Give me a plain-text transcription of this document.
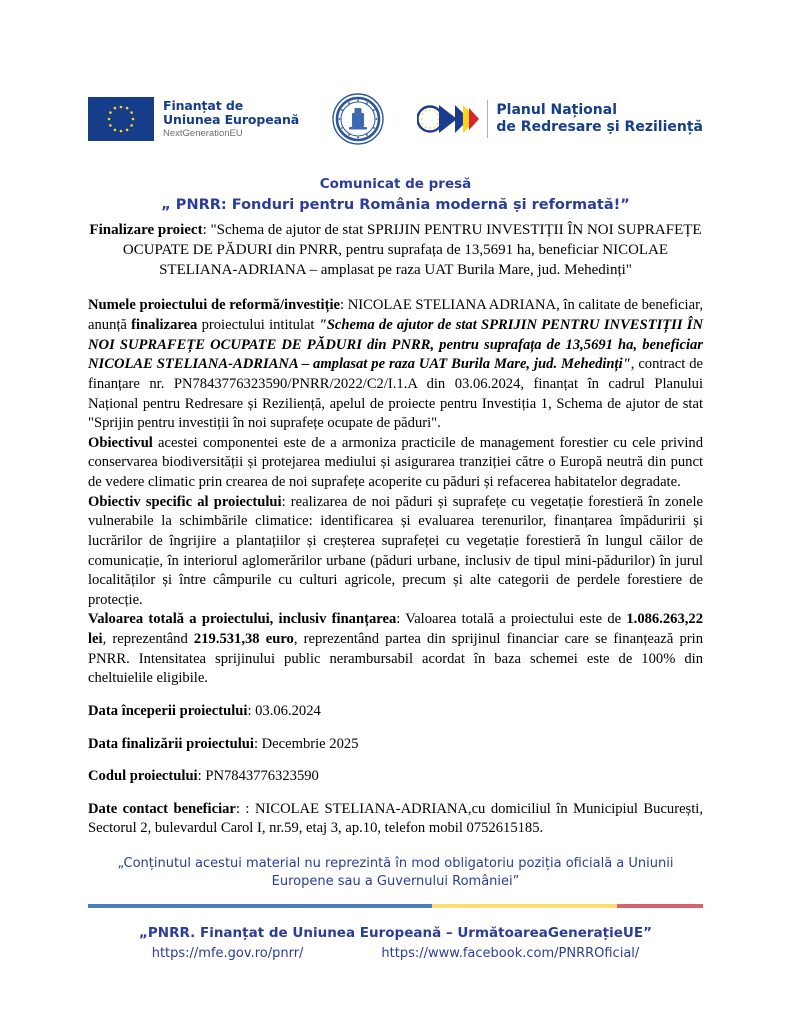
Finanțat de
Uniunea Europeană
NextGenerationEU
Planul Național
de Redresare și Reziliență
Comunicat de presă
„ PNRR: Fonduri pentru România modernă și reformată!”
Finalizare proiect: "Schema de ajutor de stat SPRIJIN PENTRU INVESTIȚII ÎN NOI SUPRAFEȚE OCUPATE DE PĂDURI din PNRR, pentru suprafața de 13,5691 ha, beneficiar NICOLAE STELIANA-ADRIANA – amplasat pe raza UAT Burila Mare, jud. Mehedinți"

Numele proiectului de reformă/investiție: NICOLAE STELIANA ADRIANA, în calitate de beneficiar, anunță finalizarea proiectului intitulat "Schema de ajutor de stat SPRIJIN PENTRU INVESTIȚII ÎN NOI SUPRAFEȚE OCUPATE DE PĂDURI din PNRR, pentru suprafața de 13,5691 ha, beneficiar NICOLAE STELIANA-ADRIANA – amplasat pe raza UAT Burila Mare, jud. Mehedinți", contract de finanțare nr. PN7843776323590/PNRR/2022/C2/I.1.A din 03.06.2024, finanțat în cadrul Planului Național pentru Redresare și Reziliență, apelul de proiecte pentru Investiția 1, Schema de ajutor de stat "Sprijin pentru investiții în noi suprafețe ocupate de păduri".

Obiectivul acestei componentei este de a armoniza practicile de management forestier cu cele privind conservarea biodiversității și protejarea mediului și asigurarea tranziției către o Europă neutră din punct de vedere climatic prin crearea de noi suprafețe acoperite cu păduri și refacerea habitatelor degradate.

Obiectiv specific al proiectului: realizarea de noi păduri și suprafețe cu vegetație forestieră în zonele vulnerabile la schimbările climatice: identificarea și evaluarea terenurilor, finanțarea împăduririi și lucrărilor de îngrijire a plantațiilor și creșterea suprafeței cu vegetație forestieră în lungul căilor de comunicație, în interiorul aglomerărilor urbane (păduri urbane, inclusiv de tipul mini-pădurilor) în jurul localităților și între câmpurile cu culturi agricole, precum și alte categorii de perdele forestiere de protecție.

Valoarea totală a proiectului, inclusiv finanțarea: Valoarea totală a proiectului este de 1.086.263,22 lei, reprezentând 219.531,38 euro, reprezentând partea din sprijinul financiar care se finanțează prin PNRR. Intensitatea sprijinului public nerambursabil acordat în baza schemei este de 100% din cheltuielile eligibile.

Data începerii proiectului: 03.06.2024

Data finalizării proiectului: Decembrie 2025

Codul proiectului: PN7843776323590

Date contact beneficiar: : NICOLAE STELIANA-ADRIANA,cu domiciliul în Municipiul București, Sectorul 2, bulevardul Carol I, nr.59, etaj 3, ap.10, telefon mobil 0752615185.

„Conținutul acestui material nu reprezintă în mod obligatoriu poziția oficială a Uniunii
Europene sau a Guvernului României”
„PNRR. Finanțat de Uniunea Europeană – UrmătoareaGenerațieUE”
https://mfe.gov.ro/pnrr/	https://www.facebook.com/PNRROficial/
